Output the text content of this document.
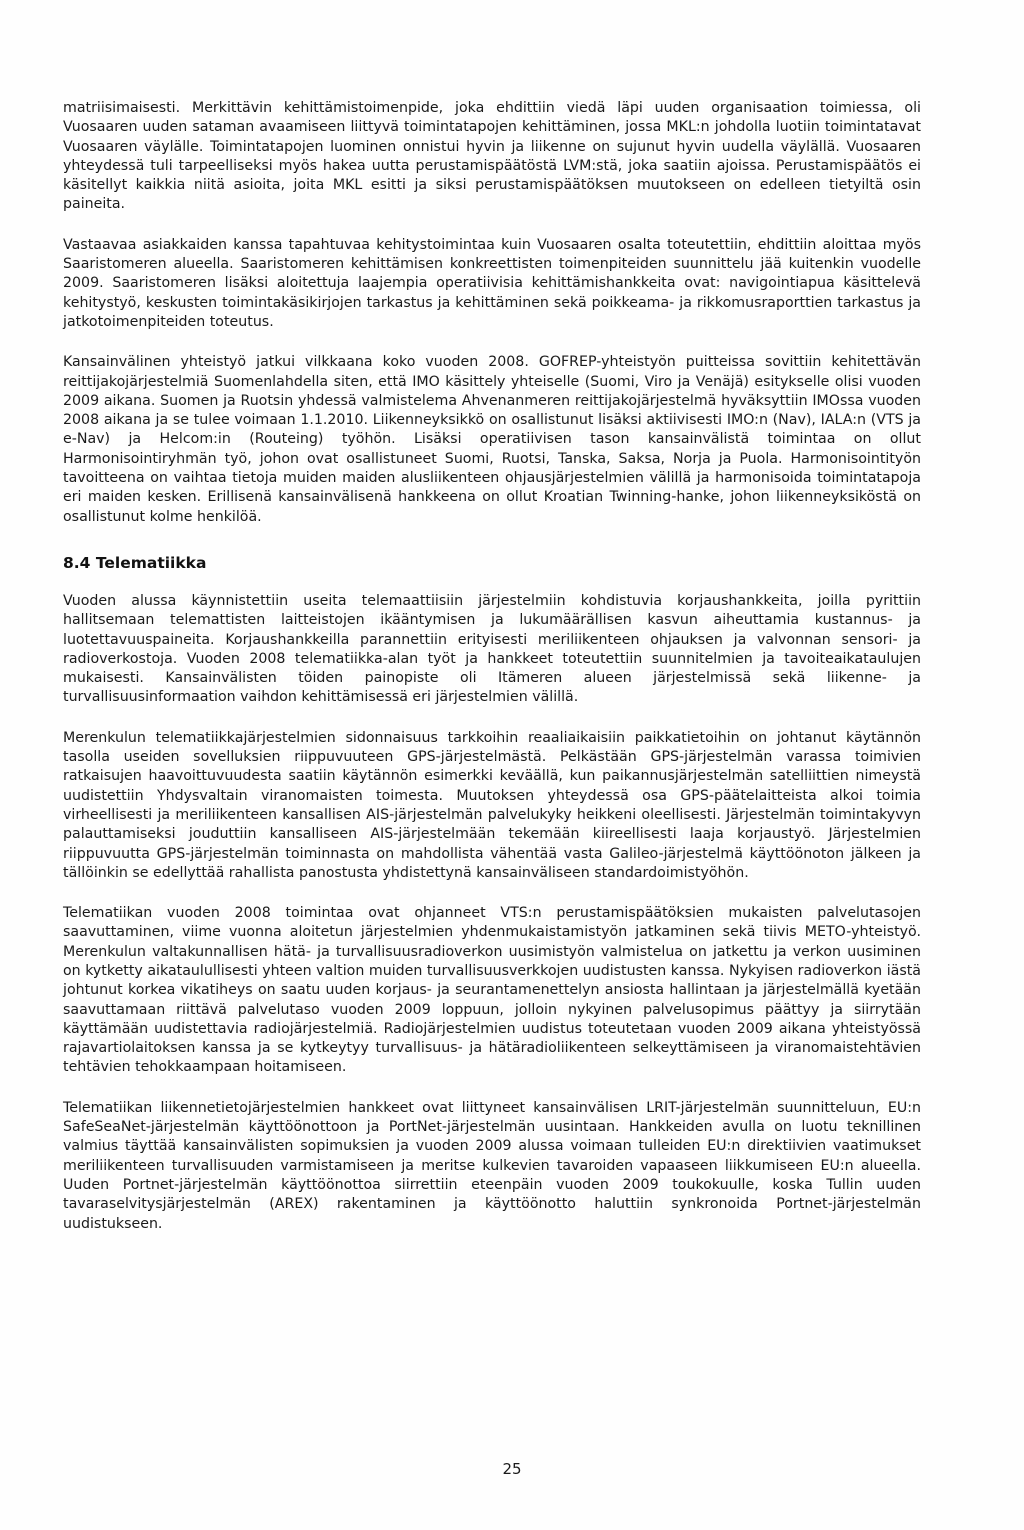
matriisimaisesti. Merkittävin kehittämistoimenpide, joka ehdittiin viedä läpi uuden organisaation toimiessa, oli Vuosaaren uuden sataman avaamiseen liittyvä toimintatapojen kehittäminen, jossa MKL:n johdolla luotiin toimintatavat Vuosaaren väylälle. Toimintatapojen luominen onnistui hyvin ja liikenne on sujunut hyvin uudella väylällä. Vuosaaren yhteydessä tuli tarpeelliseksi myös hakea uutta perustamispäätöstä LVM:stä, joka saatiin ajoissa. Perustamispäätös ei käsitellyt kaikkia niitä asioita, joita MKL esitti ja siksi perustamispäätöksen muutokseen on edelleen tietyiltä osin paineita.

Vastaavaa asiakkaiden kanssa tapahtuvaa kehitystoimintaa kuin Vuosaaren osalta toteutettiin, ehdittiin aloittaa myös Saaristomeren alueella. Saaristomeren kehittämisen konkreettisten toimenpiteiden suunnittelu jää kuitenkin vuodelle 2009. Saaristomeren lisäksi aloitettuja laajempia operatiivisia kehittämishankkeita ovat: navigointiapua käsittelevä kehitystyö, keskusten toimintakäsikirjojen tarkastus ja kehittäminen sekä poikkeama- ja rikkomusraporttien tarkastus ja jatkotoimenpiteiden toteutus.

Kansainvälinen yhteistyö jatkui vilkkaana koko vuoden 2008. GOFREP-yhteistyön puitteissa sovittiin kehitettävän reittijakojärjestelmiä Suomenlahdella siten, että IMO käsittely yhteiselle (Suomi, Viro ja Venäjä) esitykselle olisi vuoden 2009 aikana. Suomen ja Ruotsin yhdessä valmistelema Ahvenanmeren reittijakojärjestelmä hyväksyttiin IMOssa vuoden 2008 aikana ja se tulee voimaan 1.1.2010. Liikenneyksikkö on osallistunut lisäksi aktiivisesti IMO:n (Nav), IALA:n (VTS ja e-Nav) ja Helcom:in (Routeing) työhön. Lisäksi operatiivisen tason kansainvälistä toimintaa on ollut Harmonisointiryhmän työ, johon ovat osallistuneet Suomi, Ruotsi, Tanska, Saksa, Norja ja Puola. Harmonisointityön tavoitteena on vaihtaa tietoja muiden maiden alusliikenteen ohjausjärjestelmien välillä ja harmonisoida toimintatapoja eri maiden kesken. Erillisenä kansainvälisenä hankkeena on ollut Kroatian Twinning-hanke, johon liikenneyksiköstä on osallistunut kolme henkilöä.

8.4 Telematiikka

Vuoden alussa käynnistettiin useita telemaattiisiin järjestelmiin kohdistuvia korjaushankkeita, joilla pyrittiin hallitsemaan telemattisten laitteistojen ikääntymisen ja lukumäärällisen kasvun aiheuttamia kustannus- ja luotettavuuspaineita. Korjaushankkeilla parannettiin erityisesti meriliikenteen ohjauksen ja valvonnan sensori- ja radioverkostoja. Vuoden 2008 telematiikka-alan työt ja hankkeet toteutettiin suunnitelmien ja tavoiteaikataulujen mukaisesti. Kansainvälisten töiden painopiste oli Itämeren alueen järjestelmissä sekä liikenne- ja turvallisuusinformaation vaihdon kehittämisessä eri järjestelmien välillä.

Merenkulun telematiikkajärjestelmien sidonnaisuus tarkkoihin reaaliaikaisiin paikkatietoihin on johtanut käytännön tasolla useiden sovelluksien riippuvuuteen GPS-järjestelmästä. Pelkästään GPS-järjestelmän varassa toimivien ratkaisujen haavoittuvuudesta saatiin käytännön esimerkki keväällä, kun paikannusjärjestelmän satelliittien nimeystä uudistettiin Yhdysvaltain viranomaisten toimesta. Muutoksen yhteydessä osa GPS-päätelaitteista alkoi toimia virheellisesti ja meriliikenteen kansallisen AIS-järjestelmän palvelukyky heikkeni oleellisesti. Järjestelmän toimintakyvyn palauttamiseksi jouduttiin kansalliseen AIS-järjestelmään tekemään kiireellisesti laaja korjaustyö. Järjestelmien riippuvuutta GPS-järjestelmän toiminnasta on mahdollista vähentää vasta Galileo-järjestelmä käyttöönoton jälkeen ja tällöinkin se edellyttää rahallista panostusta yhdistettynä kansainväliseen standardoimistyöhön.

Telematiikan vuoden 2008 toimintaa ovat ohjanneet VTS:n perustamispäätöksien mukaisten palvelutasojen saavuttaminen, viime vuonna aloitetun järjestelmien yhdenmukaistamistyön jatkaminen sekä tiivis METO-yhteistyö. Merenkulun valtakunnallisen hätä- ja turvallisuusradioverkon uusimistyön valmistelua on jatkettu ja verkon uusiminen on kytketty aikataulullisesti yhteen valtion muiden turvallisuusverkkojen uudistusten kanssa. Nykyisen radioverkon iästä johtunut korkea vikatiheys on saatu uuden korjaus- ja seurantamenettelyn ansiosta hallintaan ja järjestelmällä kyetään saavuttamaan riittävä palvelutaso vuoden 2009 loppuun, jolloin nykyinen palvelusopimus päättyy ja siirrytään käyttämään uudistettavia radiojärjestelmiä. Radiojärjestelmien uudistus toteutetaan vuoden 2009 aikana yhteistyössä rajavartiolaitoksen kanssa ja se kytkeytyy turvallisuus- ja hätäradioliikenteen selkeyttämiseen ja viranomaistehtävien tehtävien tehokkaampaan hoitamiseen.

Telematiikan liikennetietojärjestelmien hankkeet ovat liittyneet kansainvälisen LRIT-järjestelmän suunnitteluun, EU:n SafeSeaNet-järjestelmän käyttöönottoon ja PortNet-järjestelmän uusintaan. Hankkeiden avulla on luotu teknillinen valmius täyttää kansainvälisten sopimuksien ja vuoden 2009 alussa voimaan tulleiden EU:n direktiivien vaatimukset meriliikenteen turvallisuuden varmistamiseen ja meritse kulkevien tavaroiden vapaaseen liikkumiseen EU:n alueella. Uuden Portnet-järjestelmän käyttöönottoa siirrettiin eteenpäin vuoden 2009 toukokuulle, koska Tullin uuden tavaraselvitysjärjestelmän (AREX) rakentaminen ja käyttöönotto haluttiin synkronoida Portnet-järjestelmän uudistukseen.

25
